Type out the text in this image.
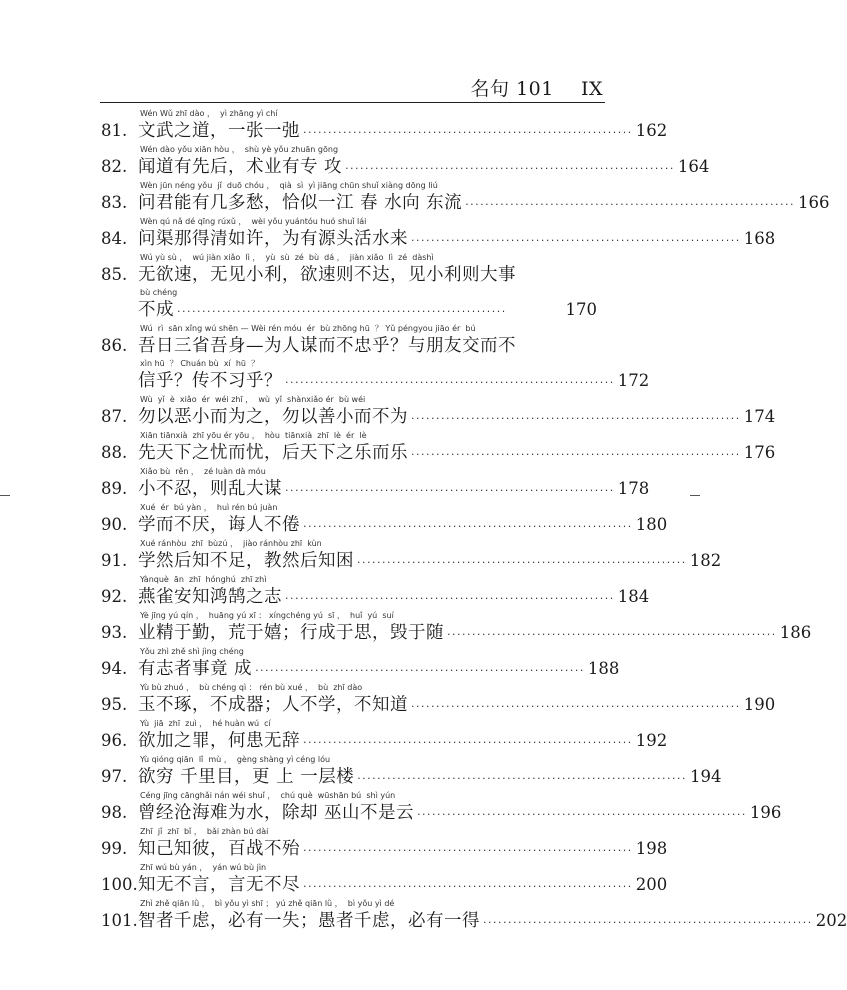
名句 101 IX
Wén Wǔ zhī dào ，  yì zhāng yì chí
81. 文武之道，一张一弛 ·································································· 162
Wén dào yǒu xiān hòu ，  shù yè yǒu zhuān gōng
82. 闻道有先后，术业有专 攻 ·································································· 164
Wèn jūn néng yǒu  jǐ  duō chóu ，  qià  sì  yì jiāng chūn shuǐ xiàng dōng liú
83. 问君能有几多愁，恰似一江 春 水向 东流 ·································································· 166
Wèn qú nǎ dé qīng rúxǔ ，  wèi yǒu yuántóu huó shuǐ lái
84. 问渠那得清如许，为有源头活水来 ·································································· 168
Wú yù sù ，  wú jiàn xiǎo  lì ，  yù  sù  zé  bù  dá ，  jiàn xiǎo  lì  zé  dàshì
85. 无欲速，无见小利，欲速则不达，见小利则大事
bù chéng
不成 ··································································	170
Wú  rì  sān xǐng wú shēn — Wèi rén móu  ér  bù zhōng hū  ？ Yǔ péngyou jiāo ér  bú
86. 吾日三省吾身—为人谋而不忠乎？与朋友交而不
xìn hū  ？ Chuán bù  xí  hū  ？
信乎？传不习乎？ ·································································· 172
Wù  yǐ  è  xiǎo  ér  wéi zhī ，  wù  yǐ  shànxiǎo ér  bù wéi
87. 勿以恶小而为之，勿以善小而不为 ·································································· 174
Xiān tiānxià  zhī yōu ér yōu ，  hòu  tiānxià  zhī  lè  ér  lè
88. 先天下之忧而忧，后天下之乐而乐 ·································································· 176
Xiǎo bù  rěn ，  zé luàn dà móu
89. 小不忍，则乱大谋 ·································································· 178
Xué  ér  bú yàn ，  huì rén bú juàn
90. 学而不厌，诲人不倦 ·································································· 180
Xué ránhòu  zhī  bùzú ，  jiào ránhòu zhī  kùn
91. 学然后知不足，教然后知困 ·································································· 182
Yànquè  ān  zhī  hónghú  zhī zhì
92. 燕雀安知鸿鹄之志 ·································································· 184
Yè jīng yú qín ，  huāng yú xī ： xíngchéng yú  sī ，  huǐ  yú  suí
93. 业精于勤，荒于嬉；行成于思，毁于随 ·································································· 186
Yǒu zhì zhě shì jìng chéng
94. 有志者事竟 成 ·································································· 188
Yù bù zhuó ，  bù chéng qì ： rén bù xué ，  bù  zhī dào
95. 玉不琢，不成器；人不学，不知道 ·································································· 190
Yù  jiā  zhī  zuì ，  hé huàn wú  cí
96. 欲加之罪，何患无辞 ·································································· 192
Yù qióng qiān  lǐ  mù ，  gèng shàng yì céng lóu
97. 欲穷 千里目，更 上 一层楼 ·································································· 194
Céng jīng cānghǎi nán wéi shuǐ ，  chú què  wūshān bú  shì yún
98. 曾经沧海难为水，除却 巫山不是云 ·································································· 196
Zhī  jǐ  zhī  bǐ ，  bǎi zhàn bú dài
99. 知己知彼，百战不殆 ·································································· 198
Zhī wú bù yán ，  yán wú bù jìn
100. 知无不言，言无不尽 ·································································· 200
Zhì zhě qiān lǜ ，  bì yǒu yì shī ； yú zhě qiān lǜ ，  bì yǒu yì dé
101. 智者千虑，必有一失；愚者千虑，必有一得 ·································································· 202
